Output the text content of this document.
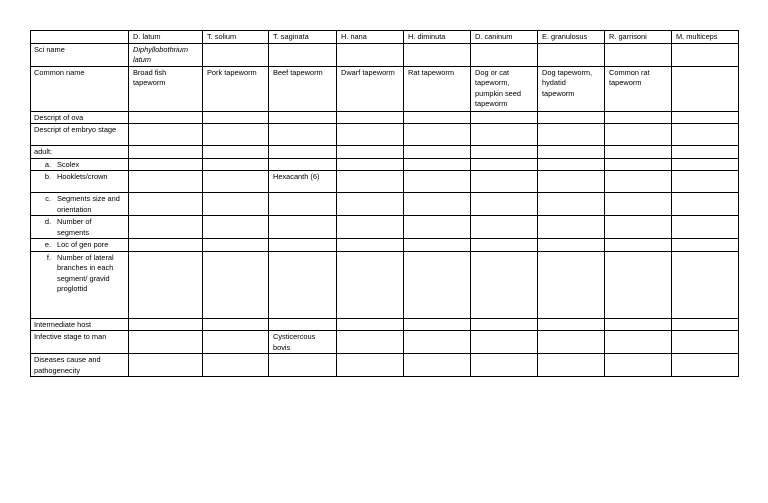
	D. latum	T. solium	T. saginata	H. nana	H. diminuta	D. caninum	E. granulosus	R. garrisoni	M. multiceps
Sci name	Diphyllobothrium latum								
Common name	Broad fish tapeworm	Pork tapeworm	Beef tapeworm	Dwarf tapeworm	Rat tapeworm	Dog or cat tapeworm, pumpkin seed tapeworm	Dog tapeworm, hydatid tapeworm	Common rat tapeworm	
Descript of ova									
Descript of embryo stage									
adult:									

a. Scolex									

b. Hooklets/crown			Hexacanth (6)						

c. Segments size and orientation									

d. Number of segments									

e. Loc of gen pore									

f. Number of lateral branches in each segment/ gravid proglottid									

Intermediate host									
Infective stage to man			Cysticercous bovis						
Diseases cause and pathogenecity									
